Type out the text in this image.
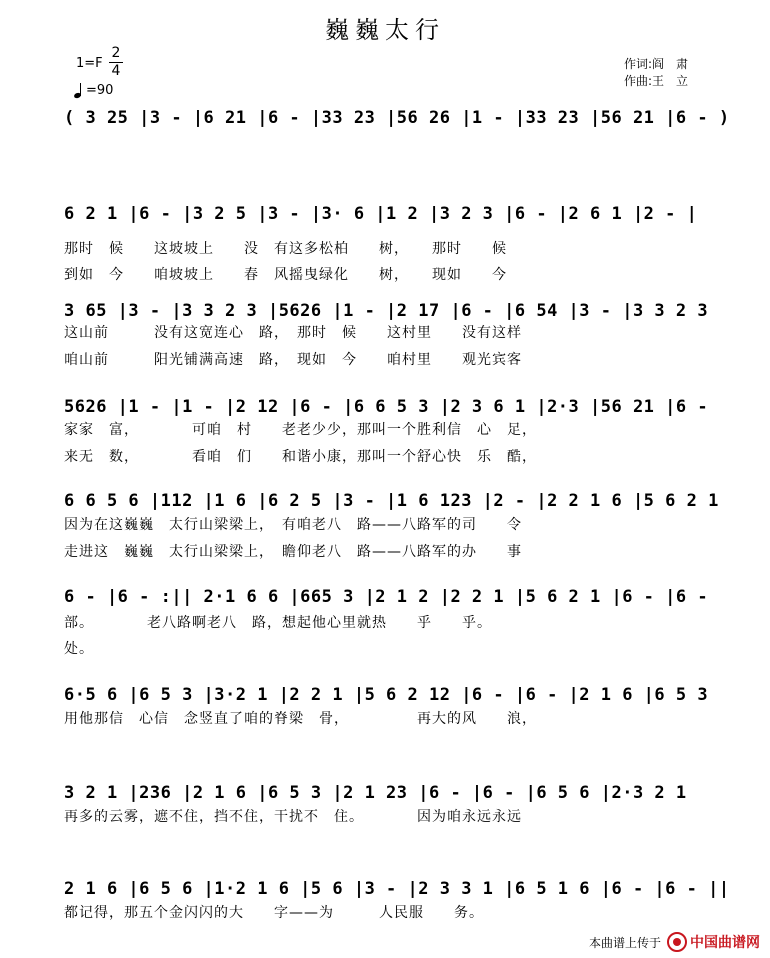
巍巍太行
1=F
2
4
=90
作词:阎　肃
作曲:王　立
( 3 25 |3 - |6 21 |6 - |33 23 |56 26 |1 - |33 23 |56 21 |6 - )
6 2 1 |6 - |3 2 5 |3 - |3· 6 |1 2 |3 2 3 |6 - |2 6 1 |2 - |
那时　候　　这坡坡上　　没　有这多松柏　　树，　　那时　　候
到如　今　　咱坡坡上　　春　风摇曳绿化　　树，　　现如　　今
3 65 |3 - |3 3 2 3 |5626 |1 - |2 17 |6 - |6 54 |3 - |3 3 2 3
这山前　　　没有这宽连心　路，　那时　候　　这村里　　没有这样
咱山前　　　阳光铺满高速　路，　现如　今　　咱村里　　观光宾客
5626 |1 - |1 - |2 12 |6 - |6 6 5 3 |2 3 6 1 |2·3 |56 21 |6 -
家家　富，　　　　可咱　村　　老老少少，那叫一个胜利信　心　足，
来无　数，　　　　看咱　们　　和谐小康，那叫一个舒心快　乐　酷，
6 6 5 6 |112 |1 6 |6 2 5 |3 - |1 6 123 |2 - |2 2 1 6 |5 6 2 1
因为在这巍巍　太行山梁梁上，　有咱老八　路——八路军的司　　令
走进这　巍巍　太行山梁梁上，　瞻仰老八　路——八路军的办　　事
6 - |6 - :|| 2·1 6 6 |665 3 |2 1 2 |2 2 1 |5 6 2 1 |6 - |6 -
部。　　　　老八路啊老八　路，想起他心里就热　　乎　　乎。
处。
6·5 6 |6 5 3 |3·2 1 |2 2 1 |5 6 2 12 |6 - |6 - |2 1 6 |6 5 3
用他那信　心信　念竖直了咱的脊梁　骨，　　　　　再大的风　　浪，
3 2 1 |236 |2 1 6 |6 5 3 |2 1 23 |6 - |6 - |6 5 6 |2·3 2 1
再多的云雾，遮不住，挡不住，干扰不　住。　　　　因为咱永远永远
2 1 6 |6 5 6 |1·2 1 6 |5 6 |3 - |2 3 3 1 |6 5 1 6 |6 - |6 - ||
都记得，那五个金闪闪的大　　字——为　　　人民服　　务。
本曲谱上传于 中国曲谱网
